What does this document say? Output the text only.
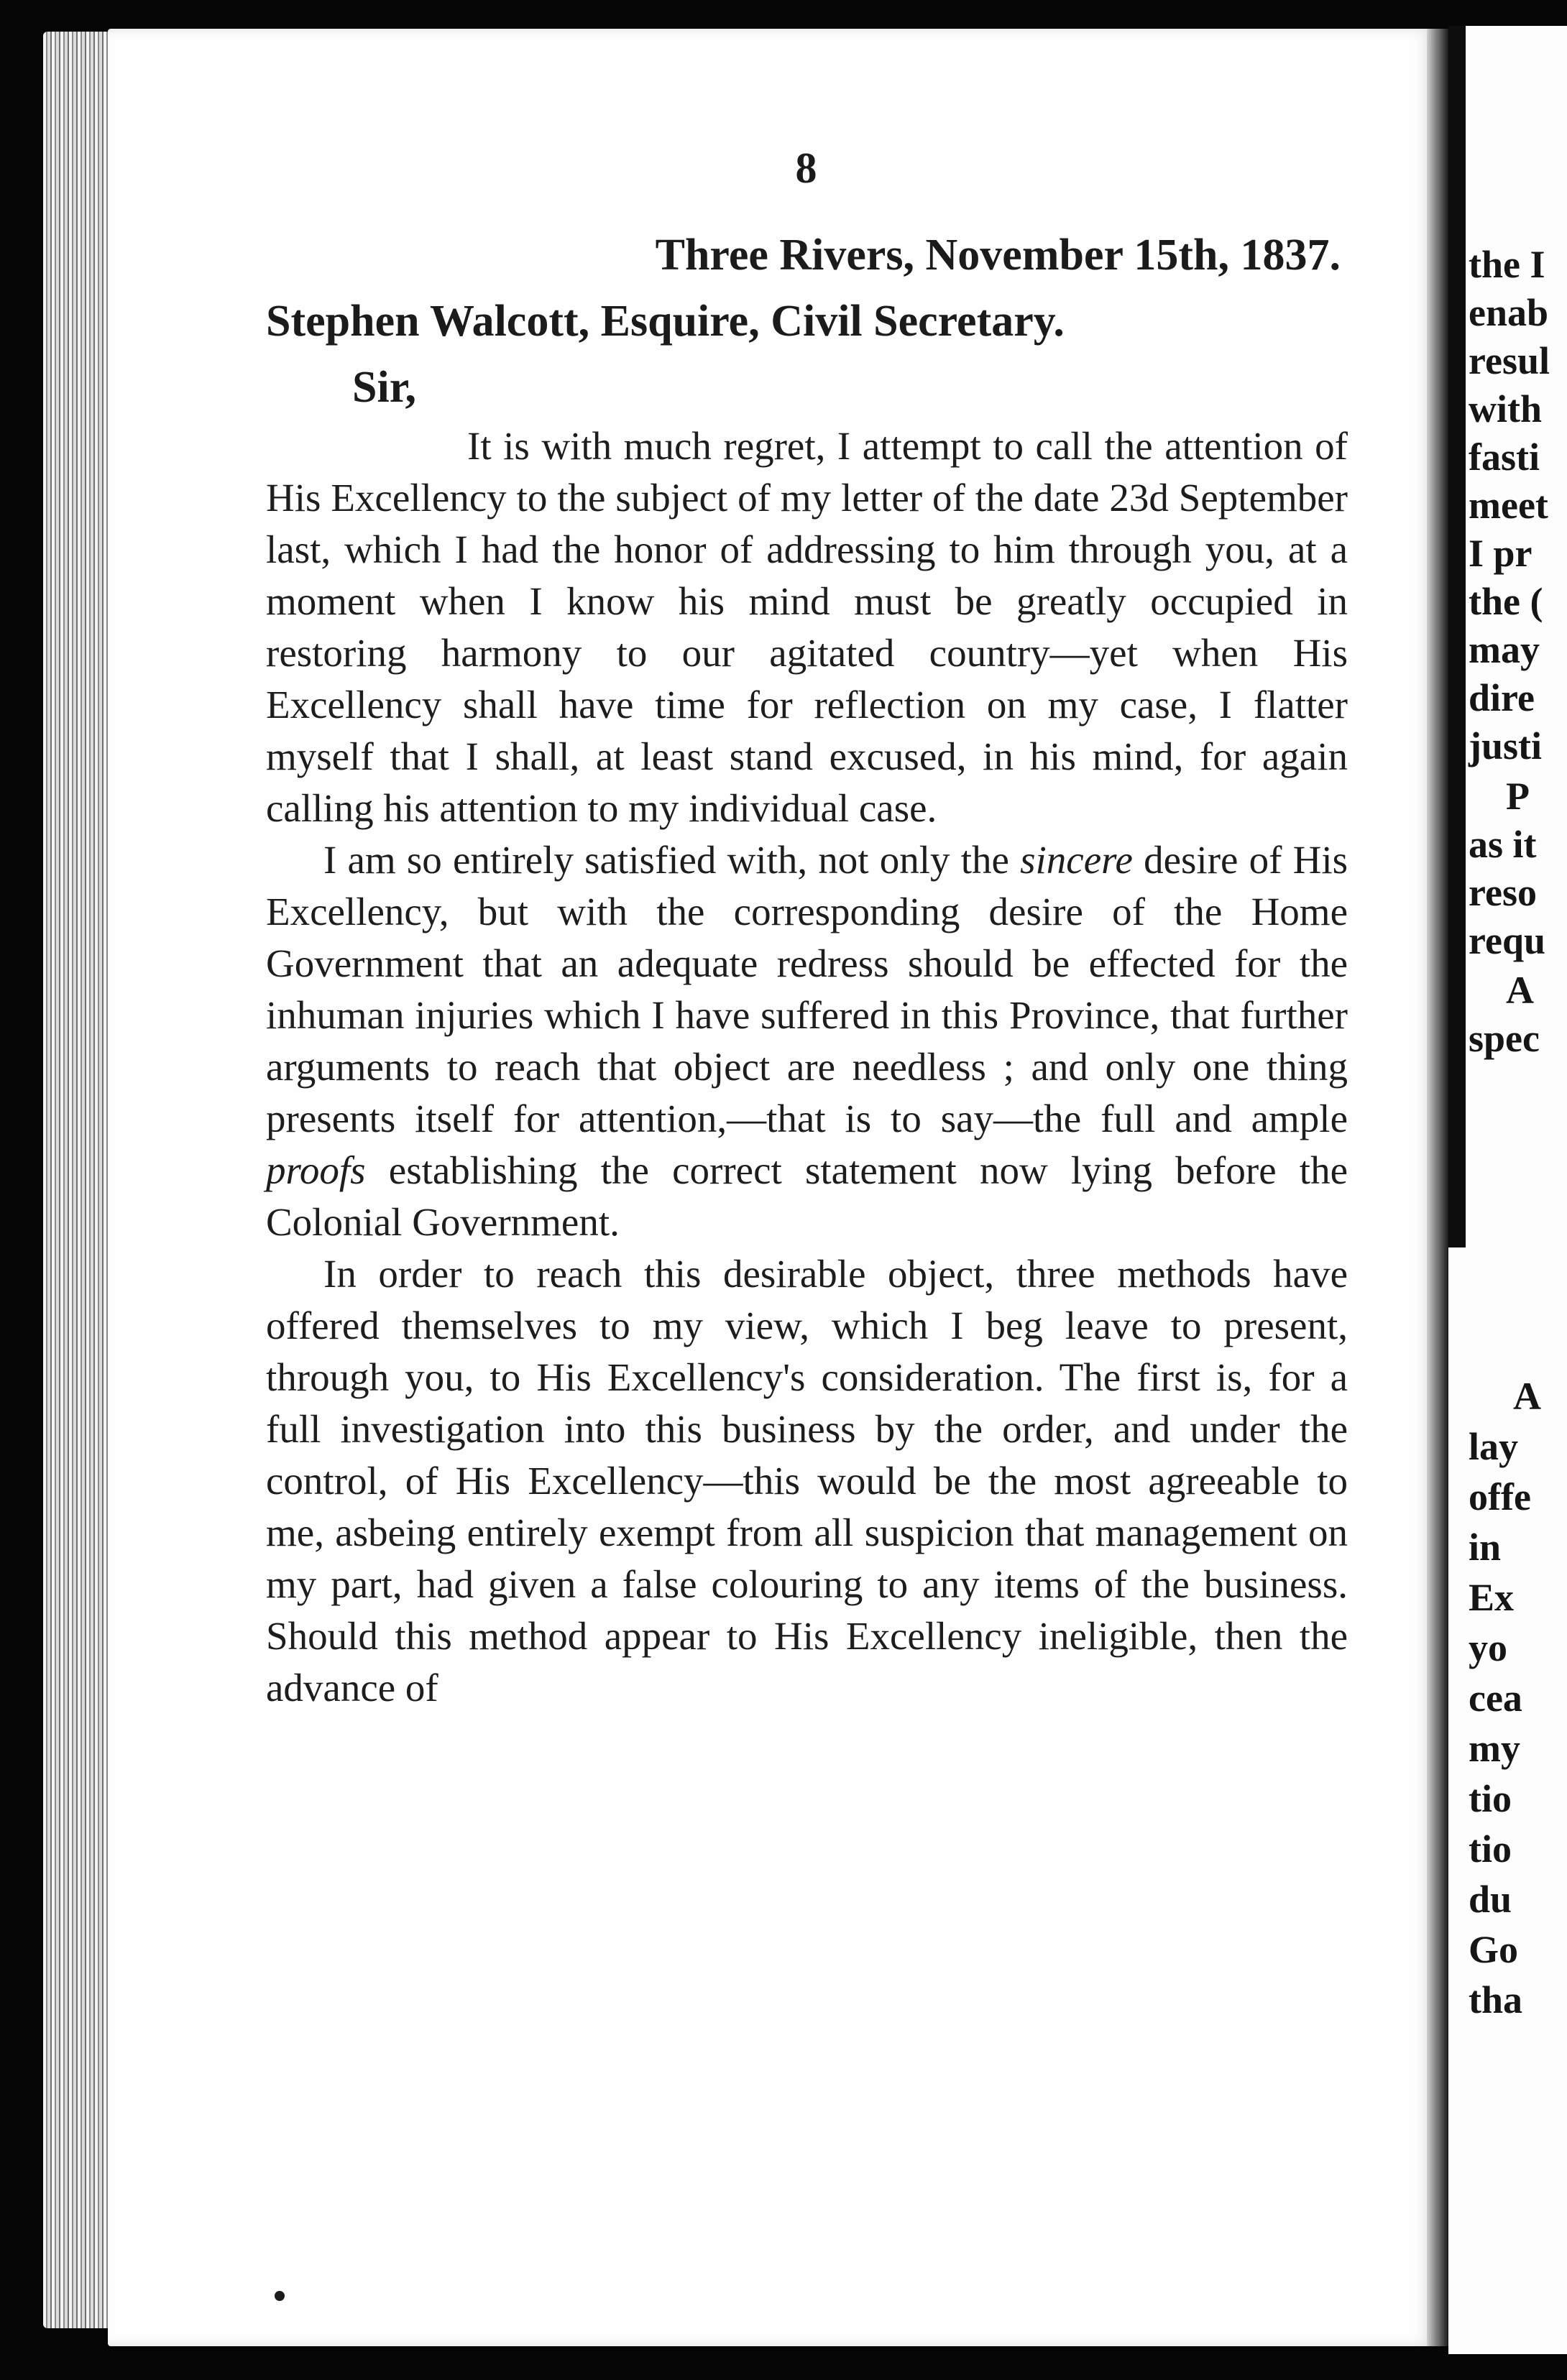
the I
enab
resul
with
fasti
meet
I pr
the (
may
dire
justi
P
as it
reso
requ
A
spec
A
lay
offe
in
Ex
yo
cea
my
tio
tio
du
Go
tha

8

Three Rivers, November 15th, 1837.

Stephen Walcott, Esquire, Civil Secretary.

Sir,

It is with much regret, I attempt to call the attention of His Excellency to the subject of my letter of the date 23d September last, which I had the honor of addressing to him through you, at a moment when I know his mind must be greatly occupied in restoring harmony to our agitated country—yet when His Excellency shall have time for reflection on my case, I flatter myself that I shall, at least stand excused, in his mind, for again calling his attention to my individual case.

I am so entirely satisfied with, not only the sincere desire of His Excellency, but with the corresponding desire of the Home Government that an adequate redress should be effected for the inhuman injuries which I have suffered in this Province, that further arguments to reach that object are needless ; and only one thing presents itself for attention,—that is to say—the full and ample proofs establishing the correct statement now lying before the Colonial Government.

In order to reach this desirable object, three methods have offered themselves to my view, which I beg leave to present, through you, to His Excellency's consideration. The first is, for a full investigation into this business by the order, and under the control, of His Excellency—this would be the most agreeable to me, asbeing entirely exempt from all suspicion that management on my part, had given a false colouring to any items of the business. Should this method appear to His Excellency ineligible, then the advance of
